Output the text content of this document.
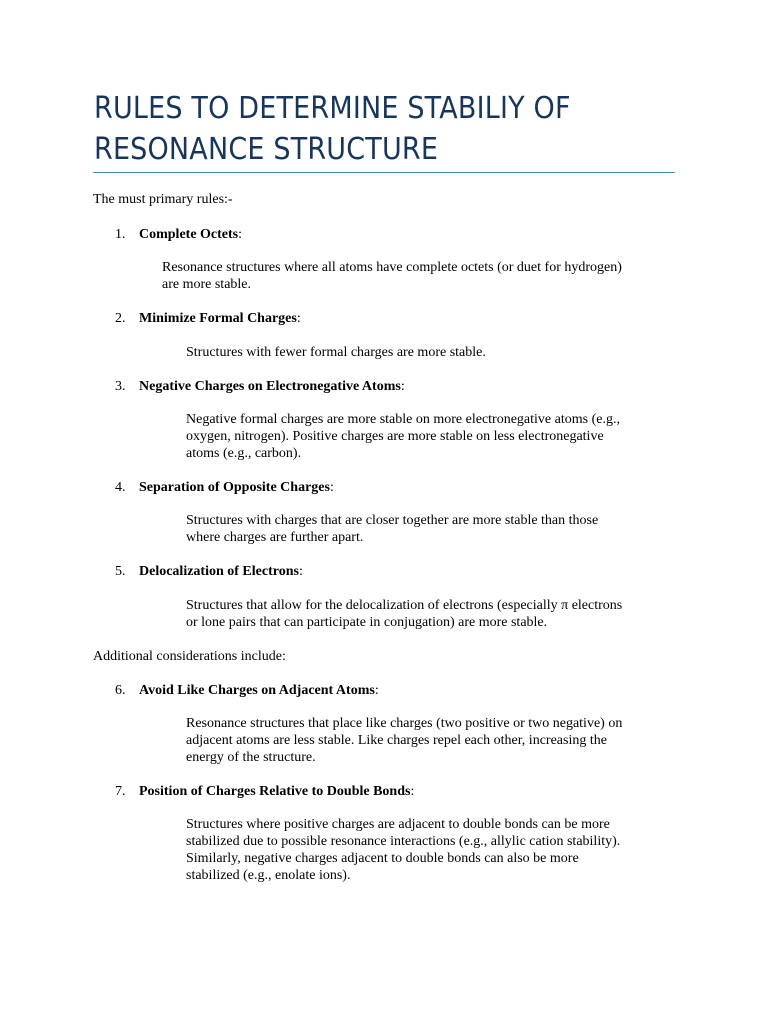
RULES TO DETERMINE STABILIY OF
RESONANCE STRUCTURE

The must primary rules:-

1. Complete Octets:
Resonance structures where all atoms have complete octets (or duet for hydrogen)
are more stable.
2. Minimize Formal Charges:
Structures with fewer formal charges are more stable.
3. Negative Charges on Electronegative Atoms:
Negative formal charges are more stable on more electronegative atoms (e.g.,
oxygen, nitrogen). Positive charges are more stable on less electronegative
atoms (e.g., carbon).
4. Separation of Opposite Charges:
Structures with charges that are closer together are more stable than those
where charges are further apart.
5. Delocalization of Electrons:
Structures that allow for the delocalization of electrons (especially π electrons
or lone pairs that can participate in conjugation) are more stable.

Additional considerations include:

6. Avoid Like Charges on Adjacent Atoms:
Resonance structures that place like charges (two positive or two negative) on
adjacent atoms are less stable. Like charges repel each other, increasing the
energy of the structure.
7. Position of Charges Relative to Double Bonds:
Structures where positive charges are adjacent to double bonds can be more
stabilized due to possible resonance interactions (e.g., allylic cation stability).
Similarly, negative charges adjacent to double bonds can also be more
stabilized (e.g., enolate ions).
